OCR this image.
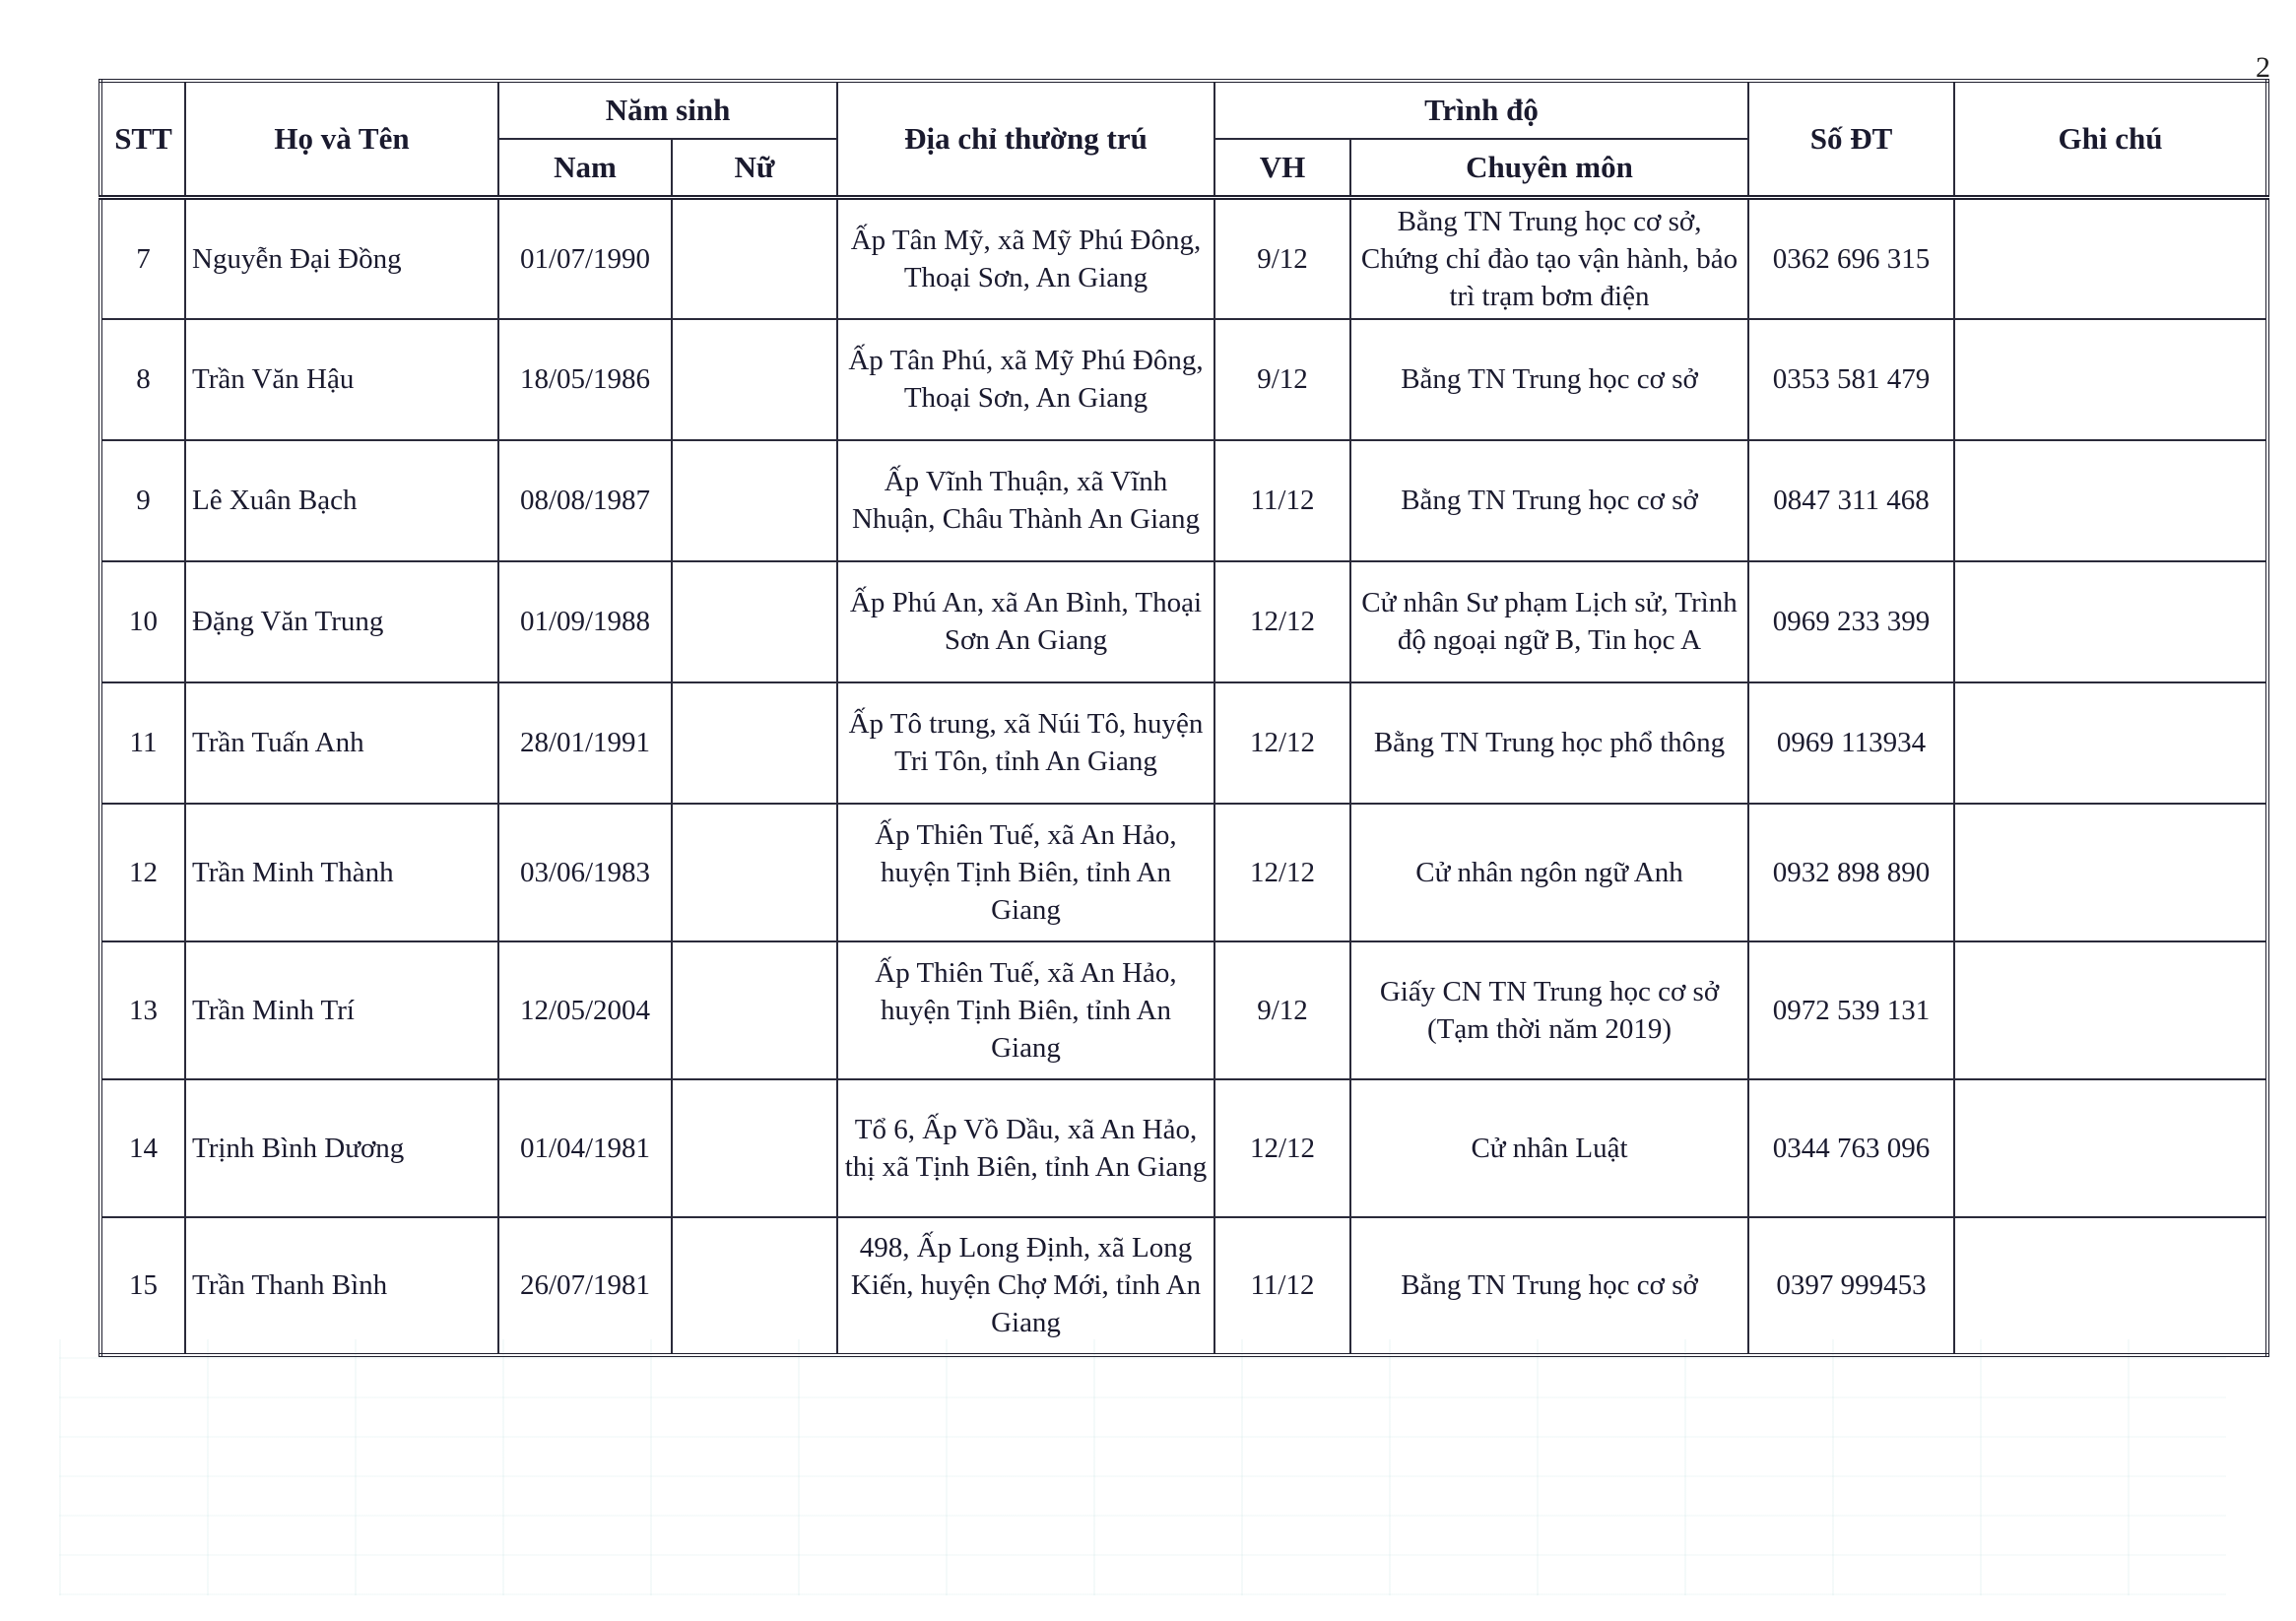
2
STT	Họ và Tên	Năm sinh		Địa chỉ thường trú	Trình độ		Số ĐT	Ghi chú
		Nam	Nữ		VH	Chuyên môn		
7	Nguyễn Đại Đồng	01/07/1990		Ấp Tân Mỹ, xã Mỹ Phú Đông, Thoại Sơn, An Giang	9/12	Bằng TN Trung học cơ sở, Chứng chỉ đào tạo vận hành, bảo trì trạm bơm điện	0362 696 315	
8	Trần Văn Hậu	18/05/1986		Ấp Tân Phú, xã Mỹ Phú Đông, Thoại Sơn, An Giang	9/12	Bằng TN Trung học cơ sở	0353 581 479	
9	Lê Xuân Bạch	08/08/1987		Ấp Vĩnh Thuận, xã Vĩnh Nhuận, Châu Thành An Giang	11/12	Bằng TN Trung học cơ sở	0847 311 468	
10	Đặng Văn Trung	01/09/1988		Ấp Phú An, xã An Bình, Thoại Sơn An Giang	12/12	Cử nhân Sư phạm Lịch sử, Trình độ ngoại ngữ B, Tin học A	0969 233 399	
11	Trần Tuấn Anh	28/01/1991		Ấp Tô trung, xã Núi Tô, huyện Tri Tôn, tỉnh An Giang	12/12	Bằng TN Trung học phổ thông	0969 113934	
12	Trần Minh Thành	03/06/1983		Ấp Thiên Tuế, xã An Hảo, huyện Tịnh Biên, tỉnh An Giang	12/12	Cử nhân ngôn ngữ Anh	0932 898 890	
13	Trần Minh Trí	12/05/2004		Ấp Thiên Tuế, xã An Hảo, huyện Tịnh Biên, tỉnh An Giang	9/12	Giấy CN TN Trung học cơ sở (Tạm thời năm 2019)	0972 539 131	
14	Trịnh Bình Dương	01/04/1981		Tổ 6, Ấp Vồ Dầu, xã An Hảo, thị xã Tịnh Biên, tỉnh An Giang	12/12	Cử nhân Luật	0344 763 096	
15	Trần Thanh Bình	26/07/1981		498, Ấp Long Định, xã Long Kiến, huyện Chợ Mới, tỉnh An Giang	11/12	Bằng TN Trung học cơ sở	0397 999453	
